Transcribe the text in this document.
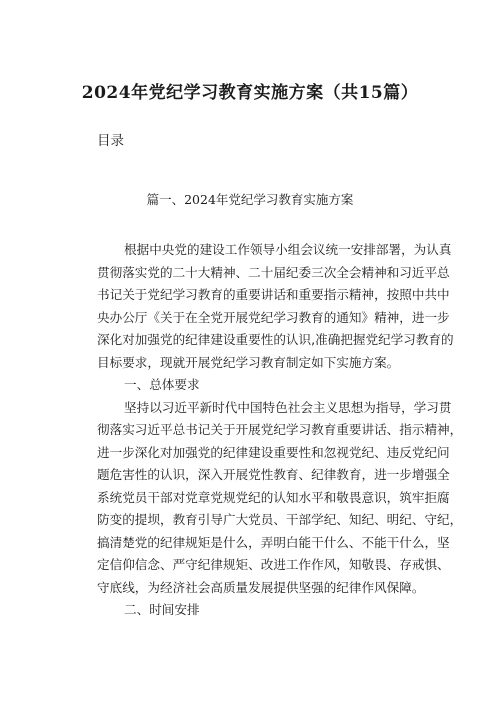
2024年党纪学习教育实施方案（共15篇）
目录
篇一、2024年党纪学习教育实施方案
根据中央党的建设工作领导小组会议统一安排部署，为认真
贯彻落实党的二十大精神、二十届纪委三次全会精神和习近平总
书记关于党纪学习教育的重要讲话和重要指示精神，按照中共中
央办公厅《关于在全党开展党纪学习教育的通知》精神，进一步
深化对加强党的纪律建设重要性的认识,准确把握党纪学习教育的
目标要求，现就开展党纪学习教育制定如下实施方案。
一、总体要求
坚持以习近平新时代中国特色社会主义思想为指导，学习贯
彻落实习近平总书记关于开展党纪学习教育重要讲话、指示精神，
进一步深化对加强党的纪律建设重要性和忽视党纪、违反党纪问
题危害性的认识，深入开展党性教育、纪律教育，进一步增强全
系统党员干部对党章党规党纪的认知水平和敬畏意识，筑牢拒腐
防变的提坝，教育引导广大党员、干部学纪、知纪、明纪、守纪，
搞清楚党的纪律规矩是什么，弄明白能干什么、不能干什么，坚
定信仰信念、严守纪律规矩、改进工作作风，知敬畏、存戒惧、
守底线，为经济社会高质量发展提供坚强的纪律作风保障。
二、时间安排
